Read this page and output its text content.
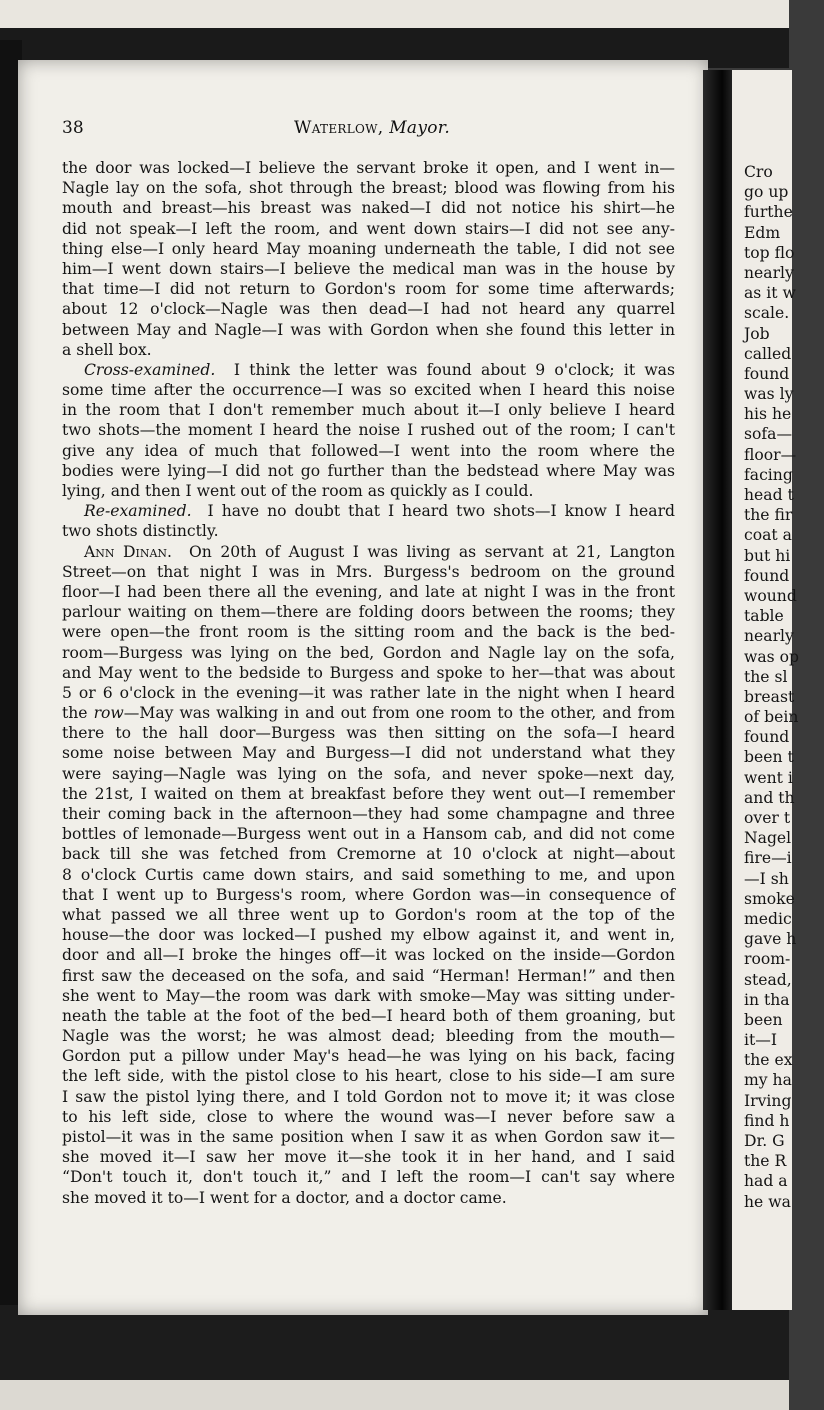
Cro
go up
furthe
Edm
top flo
nearly
as it w
scale.
Job
called
found
was ly
his he
sofa—
floor—
facing
head t
the fir
coat a
but hi
found
wound
table
nearly
was op
the sl
breast
of bein
found
been t
went i
and th
over t
Nagel
fire—i
—I sh
smoke
medic
gave h
room-
stead,
in tha
been
it—I
the ex
my ha
Irving
find h
Dr. G
the R
had a
he wa
38	Waterlow, Mayor.
the door was locked—I believe the servant broke it open, and I went in—
Nagle lay on the sofa, shot through the breast; blood was flowing from his
mouth and breast—his breast was naked—I did not notice his shirt—he
did not speak—I left the room, and went down stairs—I did not see any-
thing else—I only heard May moaning underneath the table, I did not see
him—I went down stairs—I believe the medical man was in the house by
that time—I did not return to Gordon's room for some time afterwards;
about 12 o'clock—Nagle was then dead—I had not heard any quarrel
between May and Nagle—I was with Gordon when she found this letter in
a shell box.
Cross-examined. I think the letter was found about 9 o'clock; it was
some time after the occurrence—I was so excited when I heard this noise
in the room that I don't remember much about it—I only believe I heard
two shots—the moment I heard the noise I rushed out of the room; I can't
give any idea of much that followed—I went into the room where the
bodies were lying—I did not go further than the bedstead where May was
lying, and then I went out of the room as quickly as I could.
Re-examined. I have no doubt that I heard two shots—I know I heard
two shots distinctly.
Ann Dinan. On 20th of August I was living as servant at 21, Langton
Street—on that night I was in Mrs. Burgess's bedroom on the ground
floor—I had been there all the evening, and late at night I was in the front
parlour waiting on them—there are folding doors between the rooms; they
were open—the front room is the sitting room and the back is the bed-
room—Burgess was lying on the bed, Gordon and Nagle lay on the sofa,
and May went to the bedside to Burgess and spoke to her—that was about
5 or 6 o'clock in the evening—it was rather late in the night when I heard
the row—May was walking in and out from one room to the other, and from
there to the hall door—Burgess was then sitting on the sofa—I heard
some noise between May and Burgess—I did not understand what they
were saying—Nagle was lying on the sofa, and never spoke—next day,
the 21st, I waited on them at breakfast before they went out—I remember
their coming back in the afternoon—they had some champagne and three
bottles of lemonade—Burgess went out in a Hansom cab, and did not come
back till she was fetched from Cremorne at 10 o'clock at night—about
8 o'clock Curtis came down stairs, and said something to me, and upon
that I went up to Burgess's room, where Gordon was—in consequence of
what passed we all three went up to Gordon's room at the top of the
house—the door was locked—I pushed my elbow against it, and went in,
door and all—I broke the hinges off—it was locked on the inside—Gordon
first saw the deceased on the sofa, and said “Herman! Herman!” and then
she went to May—the room was dark with smoke—May was sitting under-
neath the table at the foot of the bed—I heard both of them groaning, but
Nagle was the worst; he was almost dead; bleeding from the mouth—
Gordon put a pillow under May's head—he was lying on his back, facing
the left side, with the pistol close to his heart, close to his side—I am sure
I saw the pistol lying there, and I told Gordon not to move it; it was close
to his left side, close to where the wound was—I never before saw a
pistol—it was in the same position when I saw it as when Gordon saw it—
she moved it—I saw her move it—she took it in her hand, and I said
“Don't touch it, don't touch it,” and I left the room—I can't say where
she moved it to—I went for a doctor, and a doctor came.
